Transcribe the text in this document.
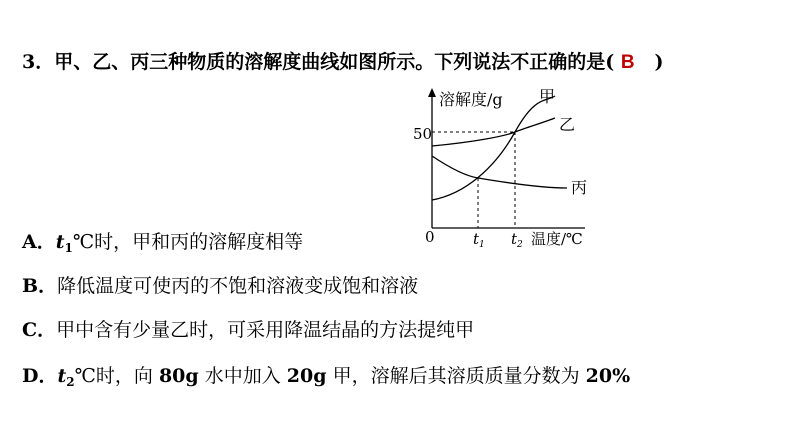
3．甲、乙、丙三种物质的溶解度曲线如图所示。下列说法不正确的是( B )
溶解度/g
50
0
甲
乙
丙
$t_1$ $t_2$ 温度/℃
A．$t_1℃$时，甲和丙的溶解度相等
B．降低温度可使丙的不饱和溶液变成饱和溶液
C．甲中含有少量乙时，可采用降温结晶的方法提纯甲
D．$t_2℃$时，向 80g 水中加入 20g 甲，溶解后其溶质质量分数为 20%
